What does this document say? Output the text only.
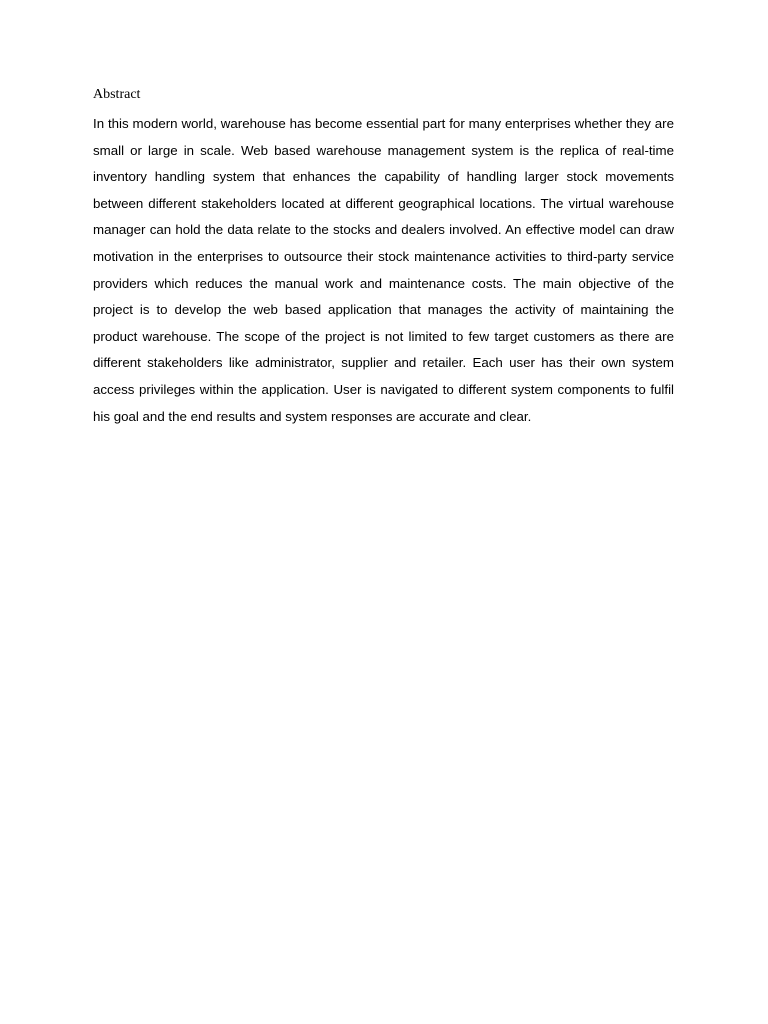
Abstract

In this modern world, warehouse has become essential part for many enterprises whether they are small or large in scale. Web based warehouse management system is the replica of real-time inventory handling system that enhances the capability of handling larger stock movements between different stakeholders located at different geographical locations. The virtual warehouse manager can hold the data relate to the stocks and dealers involved. An effective model can draw motivation in the enterprises to outsource their stock maintenance activities to third-party service providers which reduces the manual work and maintenance costs. The main objective of the project is to develop the web based application that manages the activity of maintaining the product warehouse. The scope of the project is not limited to few target customers as there are different stakeholders like administrator, supplier and retailer. Each user has their own system access privileges within the application. User is navigated to different system components to fulfil his goal and the end results and system responses are accurate and clear.
